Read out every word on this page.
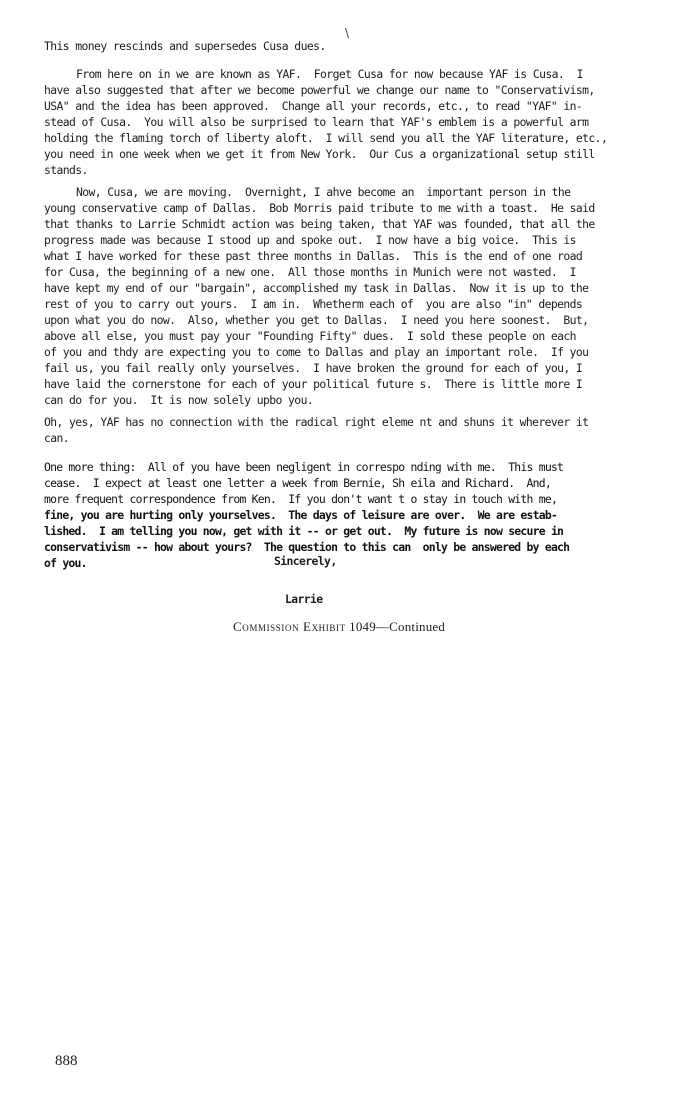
\
This money rescinds and supersedes Cusa dues.
From here on in we are known as YAF.  Forget Cusa for now because YAF is Cusa.  I
have also suggested that after we become powerful we change our name to "Conservativism,
USA" and the idea has been approved.  Change all your records, etc., to read "YAF" in-
stead of Cusa.  You will also be surprised to learn that YAF's emblem is a powerful arm
holding the flaming torch of liberty aloft.  I will send you all the YAF literature, etc.,
you need in one week when we get it from New York.  Our Cus a organizational setup still
stands.
Now, Cusa, we are moving.  Overnight, I ahve become an  important person in the
young conservative camp of Dallas.  Bob Morris paid tribute to me with a toast.  He said
that thanks to Larrie Schmidt action was being taken, that YAF was founded, that all the
progress made was because I stood up and spoke out.  I now have a big voice.  This is
what I have worked for these past three months in Dallas.  This is the end of one road
for Cusa, the beginning of a new one.  All those months in Munich were not wasted.  I
have kept my end of our "bargain", accomplished my task in Dallas.  Now it is up to the
rest of you to carry out yours.  I am in.  Whetherm each of  you are also "in" depends
upon what you do now.  Also, whether you get to Dallas.  I need you here soonest.  But,
above all else, you must pay your "Founding Fifty" dues.  I sold these people on each
of you and thdy are expecting you to come to Dallas and play an important role.  If you
fail us, you fail really only yourselves.  I have broken the ground for each of you, I
have laid the cornerstone for each of your political future s.  There is little more I
can do for you.  It is now solely upbo you.
Oh, yes, YAF has no connection with the radical right eleme nt and shuns it wherever it
can.
One more thing:  All of you have been negligent in correspo nding with me.  This must
cease.  I expect at least one letter a week from Bernie, Sh eila and Richard.  And,
more frequent correspondence from Ken.  If you don't want t o stay in touch with me,
fine, you are hurting only yourselves.  The days of leisure are over.  We are estab-
lished.  I am telling you now, get with it -- or get out.  My future is now secure in
conservativism -- how about yours?  The question to this can  only be answered by each
of you.	Sincerely,
Larrie
Commission Exhibit 1049—Continued
888
